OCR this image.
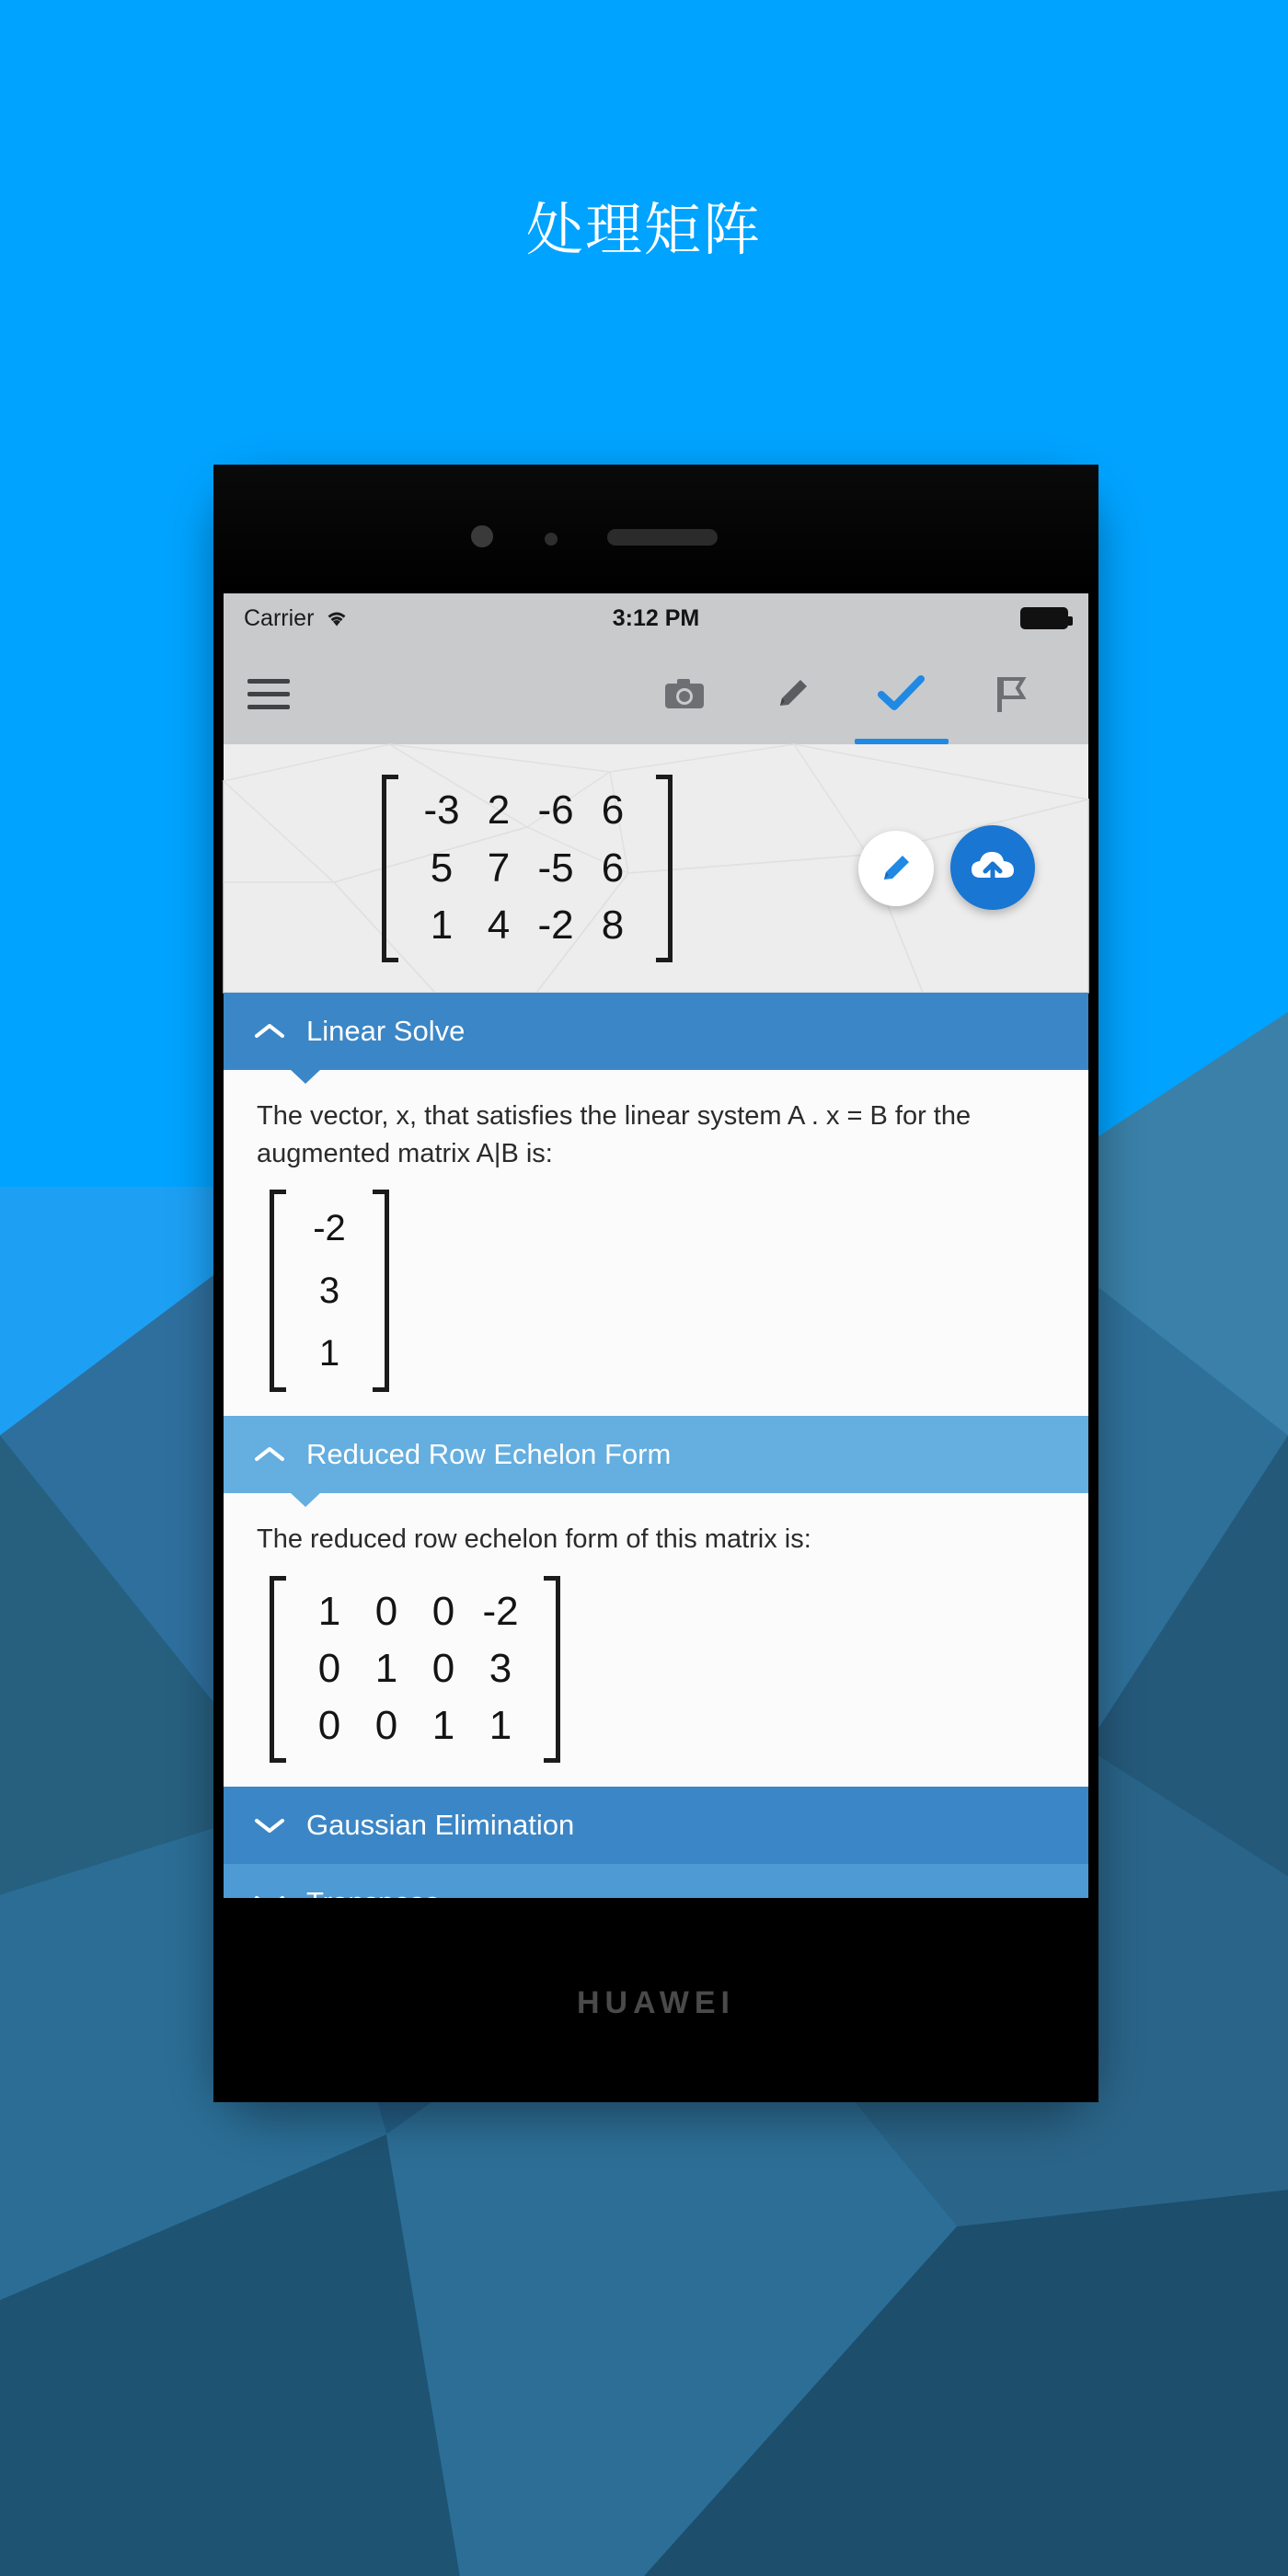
处理矩阵
Carrier	3:12 PM
-3 2 -6 6
5 7 -5 6
1 4 -2 8
Linear Solve
The vector, x, that satisfies the linear system A . x = B for the augmented matrix A|B is:
-2
3
1
Reduced Row Echelon Form
The reduced row echelon form of this matrix is:
1 0 0 -2
0 1 0 3
0 0 1 1
Gaussian Elimination
HUAWEI
